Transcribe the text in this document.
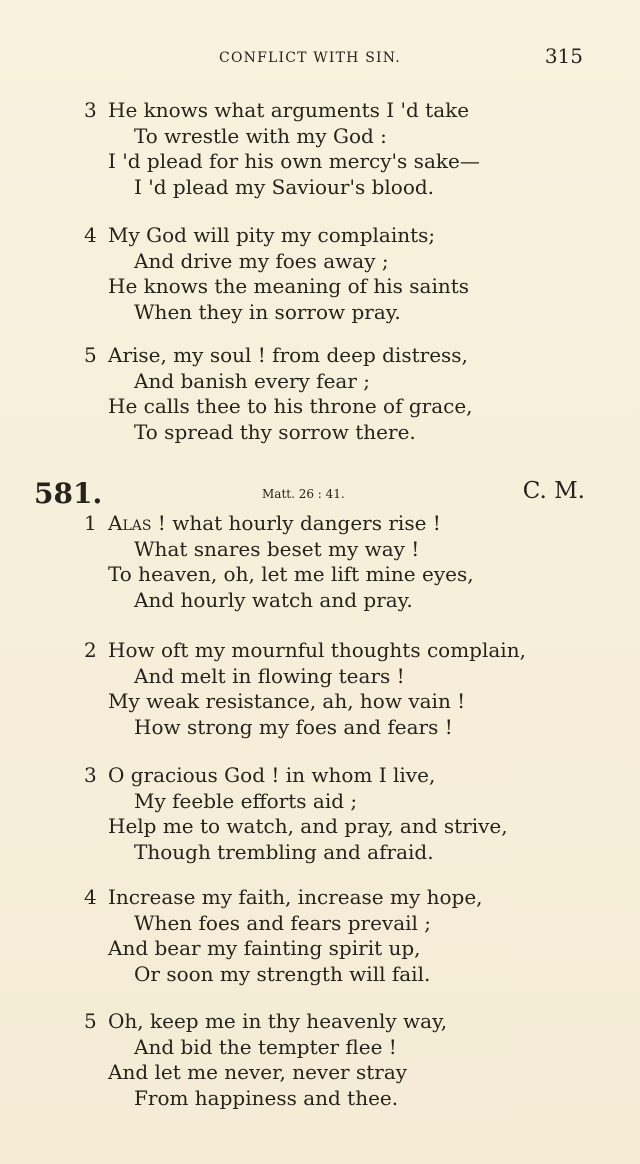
CONFLICT WITH SIN.	315
3 He knows what arguments I 'd take
To wrestle with my God :
I 'd plead for his own mercy's sake—
I 'd plead my Saviour's blood.
4 My God will pity my complaints;
And drive my foes away ;
He knows the meaning of his saints
When they in sorrow pray.
5 Arise, my soul ! from deep distress,
And banish every fear ;
He calls thee to his throne of grace,
To spread thy sorrow there.
581.	Matt. 26 : 41.	C. M.
1 Alas ! what hourly dangers rise !
What snares beset my way !
To heaven, oh, let me lift mine eyes,
And hourly watch and pray.
2 How oft my mournful thoughts complain,
And melt in flowing tears !
My weak resistance, ah, how vain !
How strong my foes and fears !
3 O gracious God ! in whom I live,
My feeble efforts aid ;
Help me to watch, and pray, and strive,
Though trembling and afraid.
4 Increase my faith, increase my hope,
When foes and fears prevail ;
And bear my fainting spirit up,
Or soon my strength will fail.
5 Oh, keep me in thy heavenly way,
And bid the tempter flee !
And let me never, never stray
From happiness and thee.
